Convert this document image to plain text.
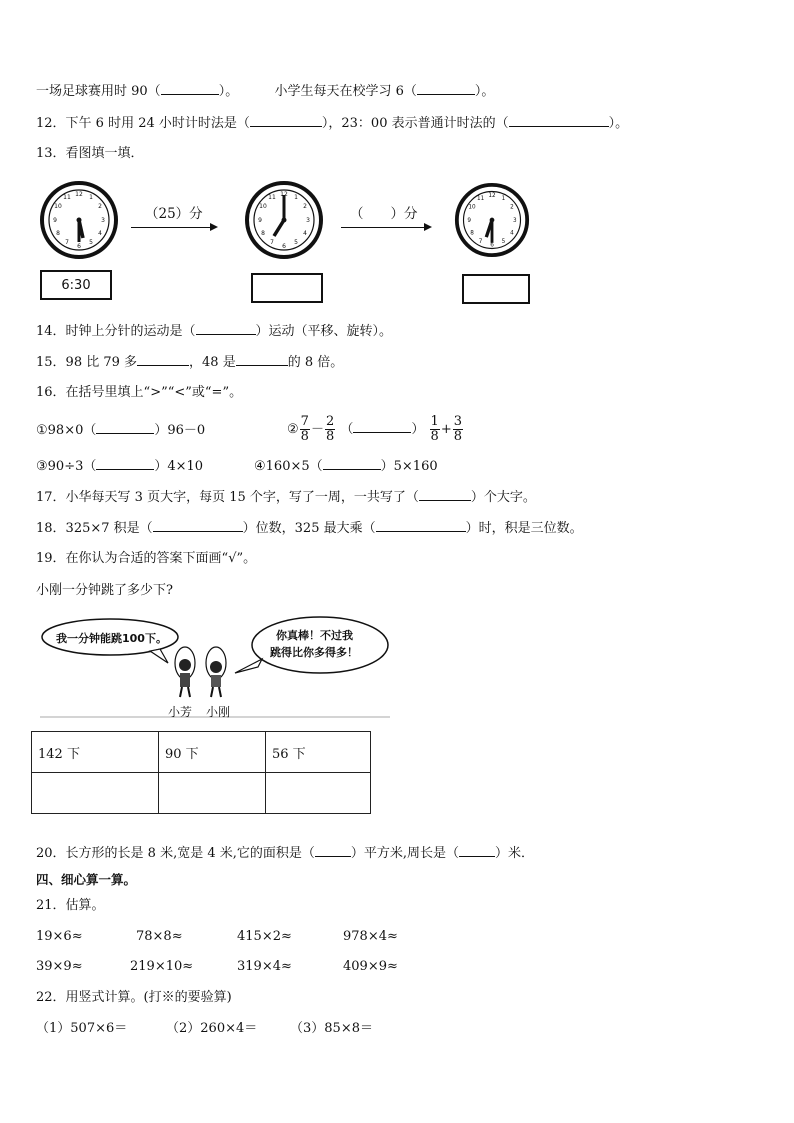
一场足球赛用时 90（	）。	小学生每天在校学习 6（	）。
12．下午 6 时用 24 小时计时法是（	），23：00 表示普通计时法的（	）。
13．看图填一填．
12 1
2
3
4
5
6
7
8
9
10
11
6:30
（25）分
12 1
2
3
4
5
6
7
8
9
10
11
（　　）分
12 1
2
3
4
5
6
7
8
9
10
11
14．时钟上分针的运动是（	）运动（平移、旋转）。
15．98 比 79 多	，48 是	的 8 倍。
16．在括号里填上“>”“<”或“=”。
①98×0（	）96－0	② $\frac{7}{8} - \frac{2}{8}$ （	） $\frac{1}{8} + \frac{3}{8}$
③90÷3（	）4×10	④160×5（	）5×160
17．小华每天写 3 页大字，每页 15 个字，写了一周，一共写了（	）个大字。
18．325×7 积是（	）位数，325 最大乘（	）时，积是三位数。
19．在你认为合适的答案下面画“√”。
小刚一分钟跳了多少下?
我一分钟能跳100下。	你真棒！不过我
跳得比你多得多！
小芳 小刚
142 下	90 下	56 下

20．长方形的长是 8 米,宽是 4 米,它的面积是（	）平方米,周长是（	）米．
四、细心算一算。
21．估算。
19×6≈	78×8≈	415×2≈	978×4≈
39×9≈	219×10≈	319×4≈	409×9≈
22．用竖式计算。(打※的要验算)
（1）507×6＝	（2）260×4＝	（3）85×8＝
